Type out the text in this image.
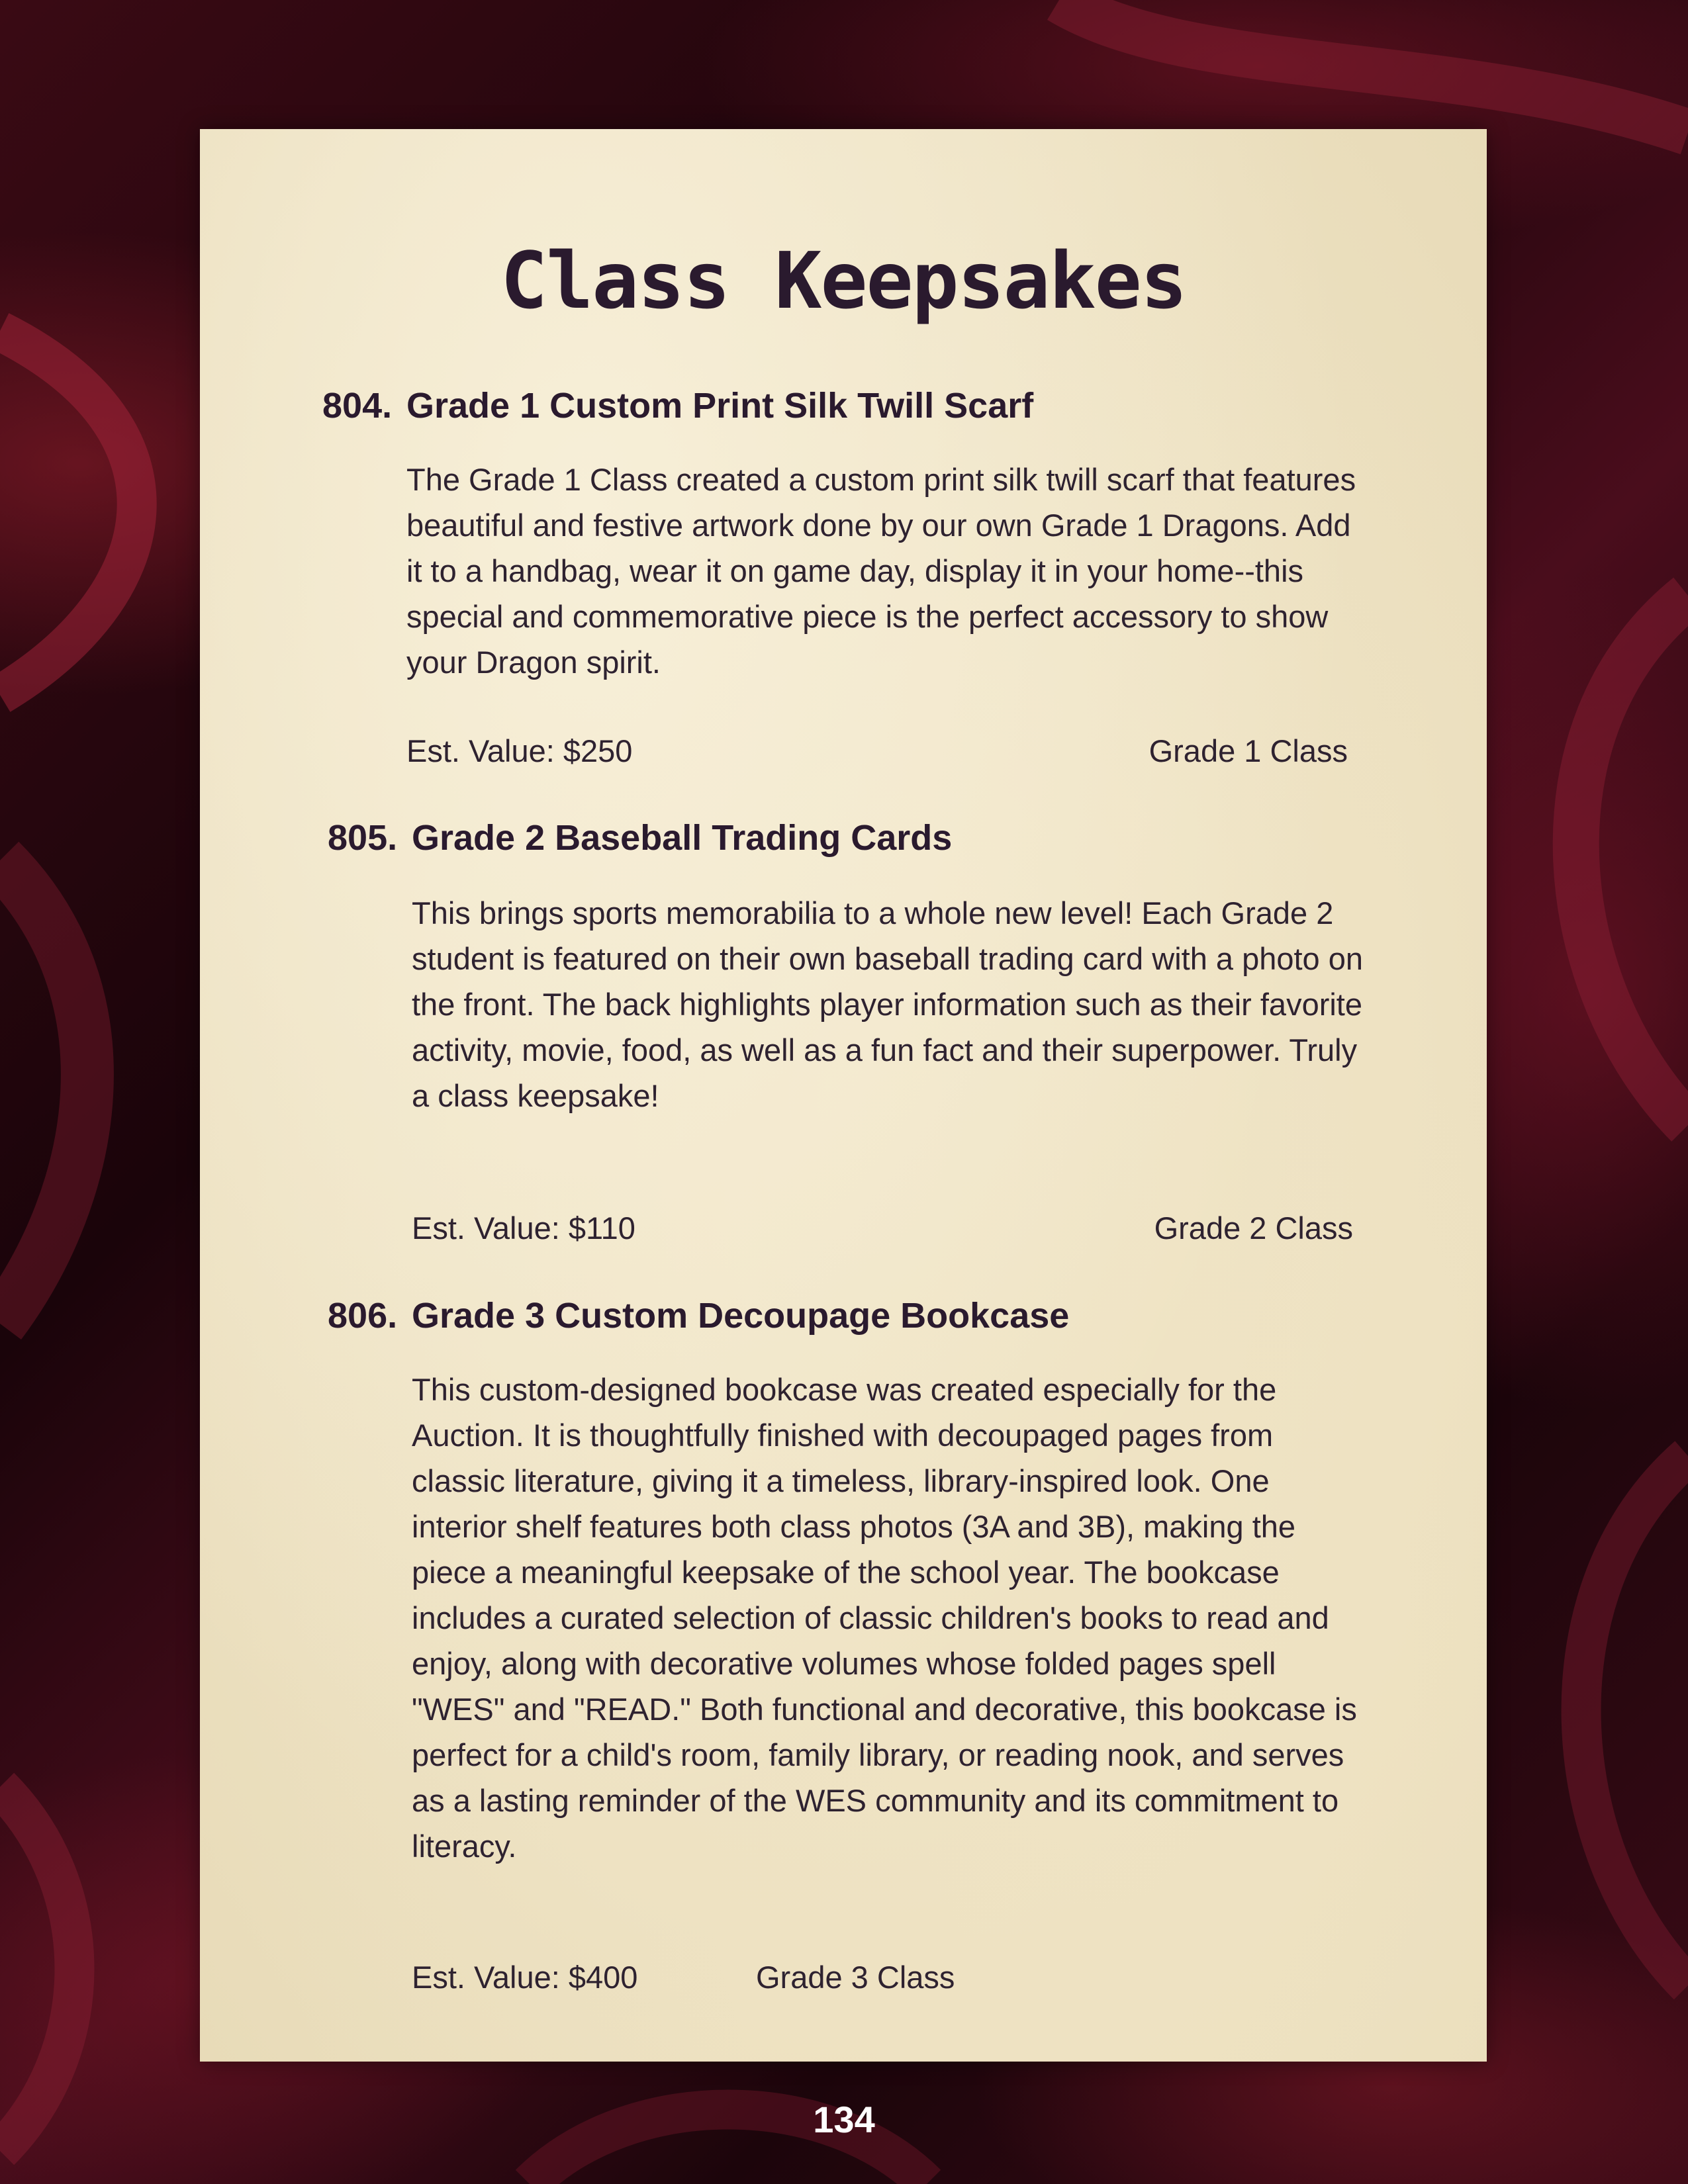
Class Keepsakes
804. Grade 1 Custom Print Silk Twill Scarf
The Grade 1 Class created a custom print silk twill scarf that features beautiful and festive artwork done by our own Grade 1 Dragons. Add it to a handbag, wear it on game day, display it in your home--this special and commemorative piece is the perfect accessory to show your Dragon spirit.
Est. Value: $250	Grade 1 Class
805. Grade 2 Baseball Trading Cards
This brings sports memorabilia to a whole new level! Each Grade 2 student is featured on their own baseball trading card with a photo on the front. The back highlights player information such as their favorite activity, movie, food, as well as a fun fact and their superpower. Truly a class keepsake!
Est. Value: $110	Grade 2 Class
806. Grade 3 Custom Decoupage Bookcase
This custom-designed bookcase was created especially for the Auction. It is thoughtfully finished with decoupaged pages from classic literature, giving it a timeless, library-inspired look. One interior shelf features both class photos (3A and 3B), making the piece a meaningful keepsake of the school year. The bookcase includes a curated selection of classic children's books to read and enjoy, along with decorative volumes whose folded pages spell "WES" and "READ." Both functional and decorative, this bookcase is perfect for a child's room, family library, or reading nook, and serves as a lasting reminder of the WES community and its commitment to literacy.
Est. Value: $400	Grade 3 Class
134
